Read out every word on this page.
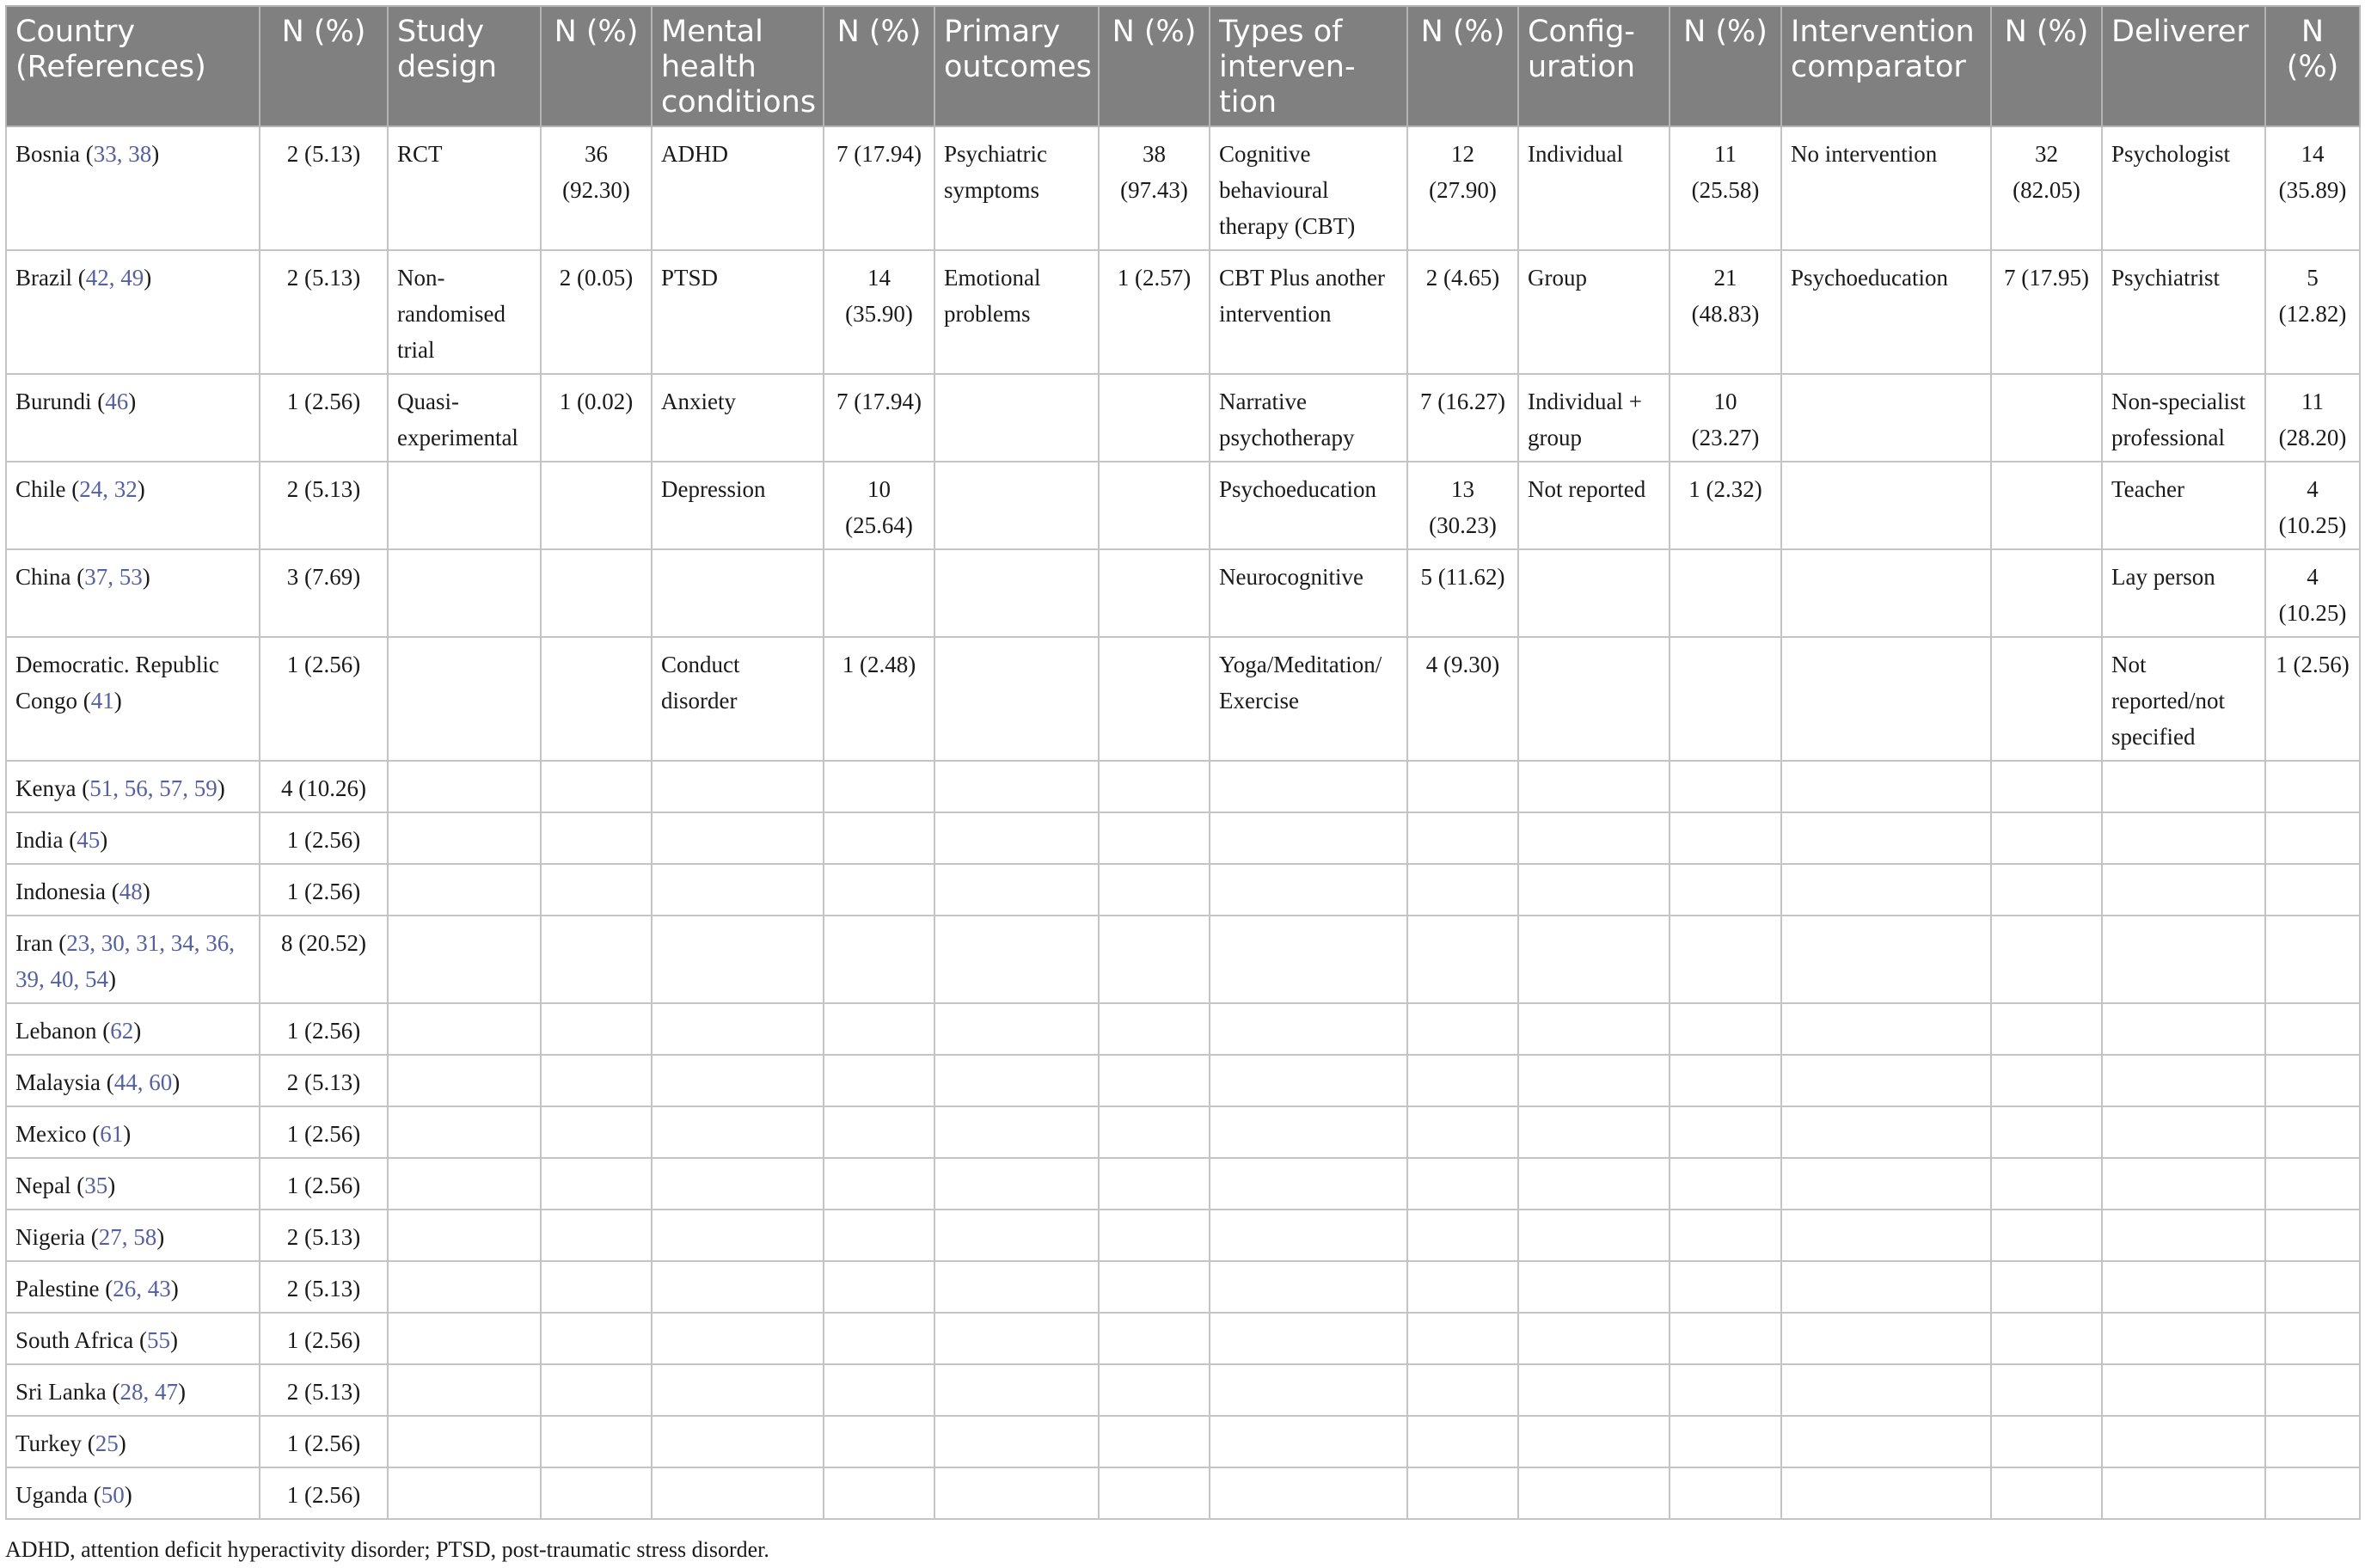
Country (References)	N (%)	Study design	N (%)	Mental health conditions	N (%)	Primary outcomes	N (%)	Types of interven-tion	N (%)	Config-uration	N (%)	Intervention comparator	N (%)	Deliverer	N (%)
Bosnia (33, 38)	2 (5.13)	RCT	36 (92.30)	ADHD	7 (17.94)	Psychiatric symptoms	38 (97.43)	Cognitive behavioural therapy (CBT)	12 (27.90)	Individual	11 (25.58)	No intervention	32 (82.05)	Psychologist	14 (35.89)
Brazil (42, 49)	2 (5.13)	Non-randomised trial	2 (0.05)	PTSD	14 (35.90)	Emotional problems	1 (2.57)	CBT Plus another intervention	2 (4.65)	Group	21 (48.83)	Psychoeducation	7 (17.95)	Psychiatrist	5 (12.82)
Burundi (46)	1 (2.56)	Quasi-experimental	1 (0.02)	Anxiety	7 (17.94)			Narrative psychotherapy	7 (16.27)	Individual + group	10 (23.27)			Non-specialist professional	11 (28.20)
Chile (24, 32)	2 (5.13)			Depression	10 (25.64)			Psychoeducation	13 (30.23)	Not reported	1 (2.32)			Teacher	4 (10.25)
China (37, 53)	3 (7.69)							Neurocognitive	5 (11.62)					Lay person	4 (10.25)
Democratic. Republic Congo (41)	1 (2.56)			Conduct disorder	1 (2.48)			Yoga/Meditation/ Exercise	4 (9.30)					Not reported/not specified	1 (2.56)
Kenya (51, 56, 57, 59)	4 (10.26)														
India (45)	1 (2.56)														
Indonesia (48)	1 (2.56)														
Iran (23, 30, 31, 34, 36, 39, 40, 54)	8 (20.52)														
Lebanon (62)	1 (2.56)														
Malaysia (44, 60)	2 (5.13)														
Mexico (61)	1 (2.56)														
Nepal (35)	1 (2.56)														
Nigeria (27, 58)	2 (5.13)														
Palestine (26, 43)	2 (5.13)														
South Africa (55)	1 (2.56)														
Sri Lanka (28, 47)	2 (5.13)														
Turkey (25)	1 (2.56)														
Uganda (50)	1 (2.56)														
ADHD, attention deficit hyperactivity disorder; PTSD, post-traumatic stress disorder.
